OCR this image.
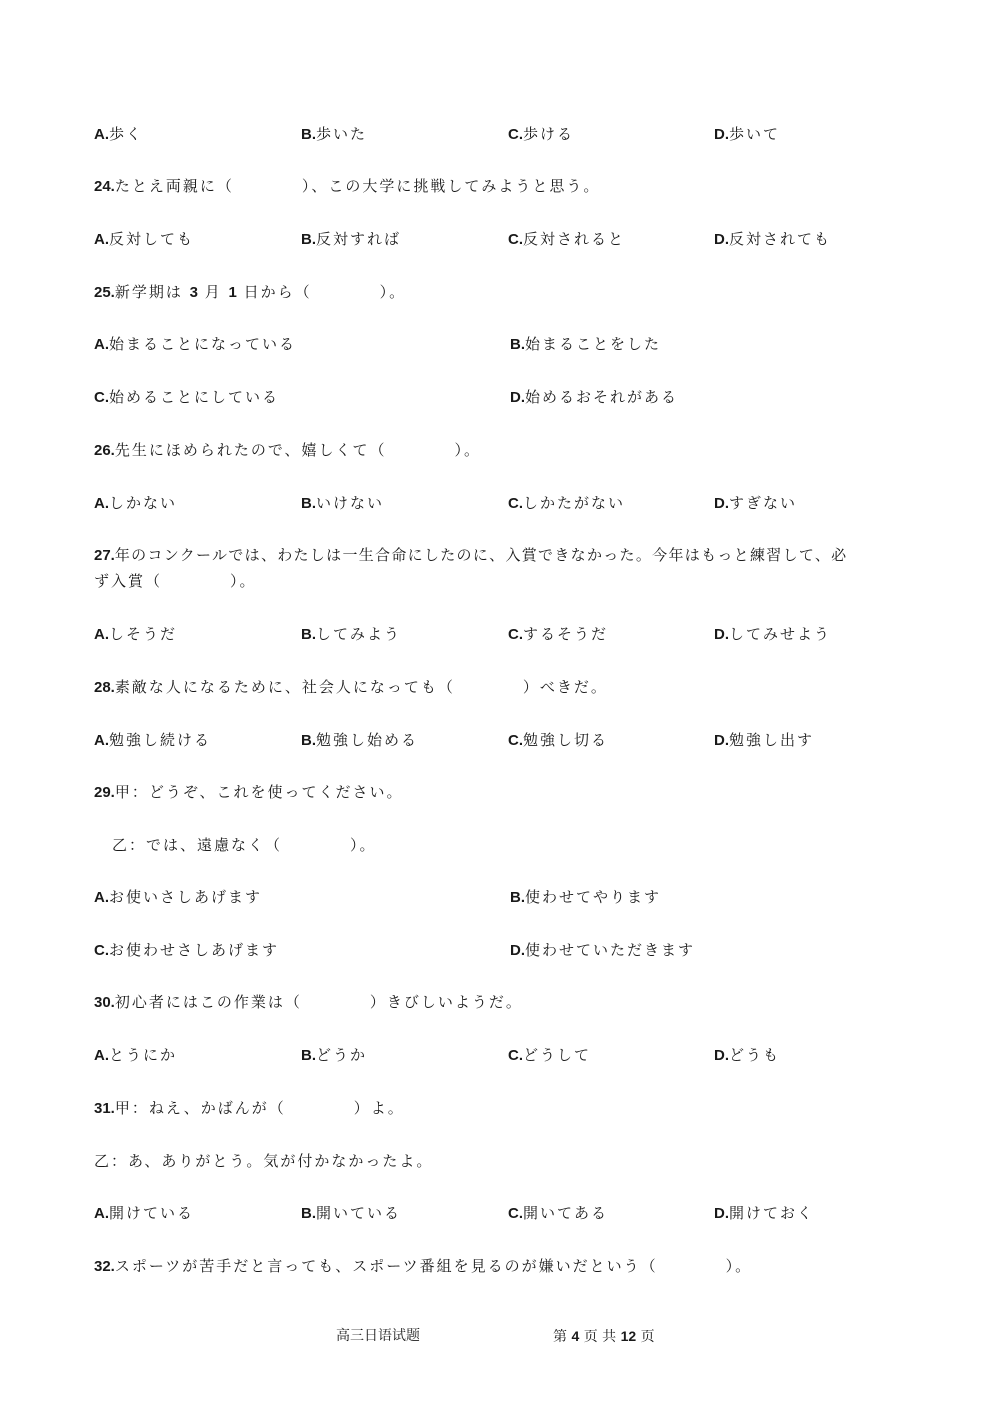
A.歩く	B.歩いた	C.歩ける	D.歩いて
24.たとえ両親に（　　　　）、この大学に挑戦してみようと思う。
A.反対しても	B.反対すれば	C.反対されると	D.反対されても
25.新学期は 3 月 1 日から（　　　　）。
A.始まることになっている	B.始まることをした
C.始めることにしている	D.始めるおそれがある
26.先生にほめられたので、嬉しくて（　　　　）。
A.しかない	B.いけない	C.しかたがない	D.すぎない
27.年のコンクールでは、わたしは一生合命にしたのに、入賞できなかった。今年はもっと練習して、必
ず入賞（　　　　）。
A.しそうだ	B.してみよう	C.するそうだ	D.してみせよう
28.素敵な人になるために、社会人になっても（　　　　）べきだ。
A.勉強し続ける	B.勉強し始める	C.勉強し切る	D.勉強し出す
29.甲：どうぞ、これを使ってください。
乙：では、遠慮なく（　　　　）。
A.お使いさしあげます	B.使わせてやります
C.お使わせさしあげます	D.使わせていただきます
30.初心者にはこの作業は（　　　　）きびしいようだ。
A.とうにか	B.どうか	C.どうして	D.どうも
31.甲：ねえ、かばんが（　　　　）よ。
乙：あ、ありがとう。気が付かなかったよ。
A.開けている	B.開いている	C.開いてある	D.開けておく
32.スポーツが苦手だと言っても、スポーツ番組を見るのが嫌いだという（　　　　）。
高三日语试题	第 4 页 共 12 页
